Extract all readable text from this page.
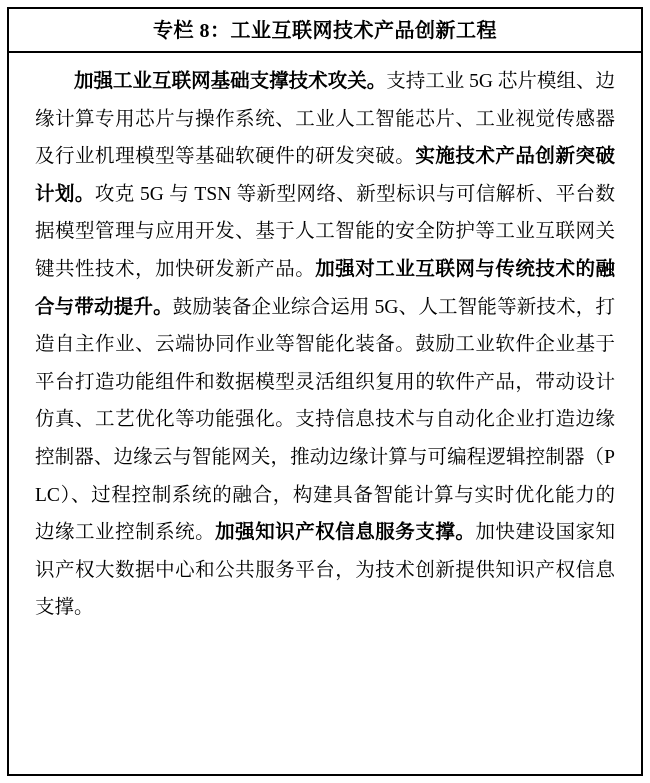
专栏 8：工业互联网技术产品创新工程

加强工业互联网基础支撑技术攻关。支持工业 5G 芯片模组、边缘计算专用芯片与操作系统、工业人工智能芯片、工业视觉传感器及行业机理模型等基础软硬件的研发突破。实施技术产品创新突破计划。攻克 5G 与 TSN 等新型网络、新型标识与可信解析、平台数据模型管理与应用开发、基于人工智能的安全防护等工业互联网关键共性技术，加快研发新产品。加强对工业互联网与传统技术的融合与带动提升。鼓励装备企业综合运用 5G、人工智能等新技术，打造自主作业、云端协同作业等智能化装备。鼓励工业软件企业基于平台打造功能组件和数据模型灵活组织复用的软件产品，带动设计仿真、工艺优化等功能强化。支持信息技术与自动化企业打造边缘控制器、边缘云与智能网关，推动边缘计算与可编程逻辑控制器（PLC）、过程控制系统的融合，构建具备智能计算与实时优化能力的边缘工业控制系统。加强知识产权信息服务支撑。加快建设国家知识产权大数据中心和公共服务平台，为技术创新提供知识产权信息支撑。
